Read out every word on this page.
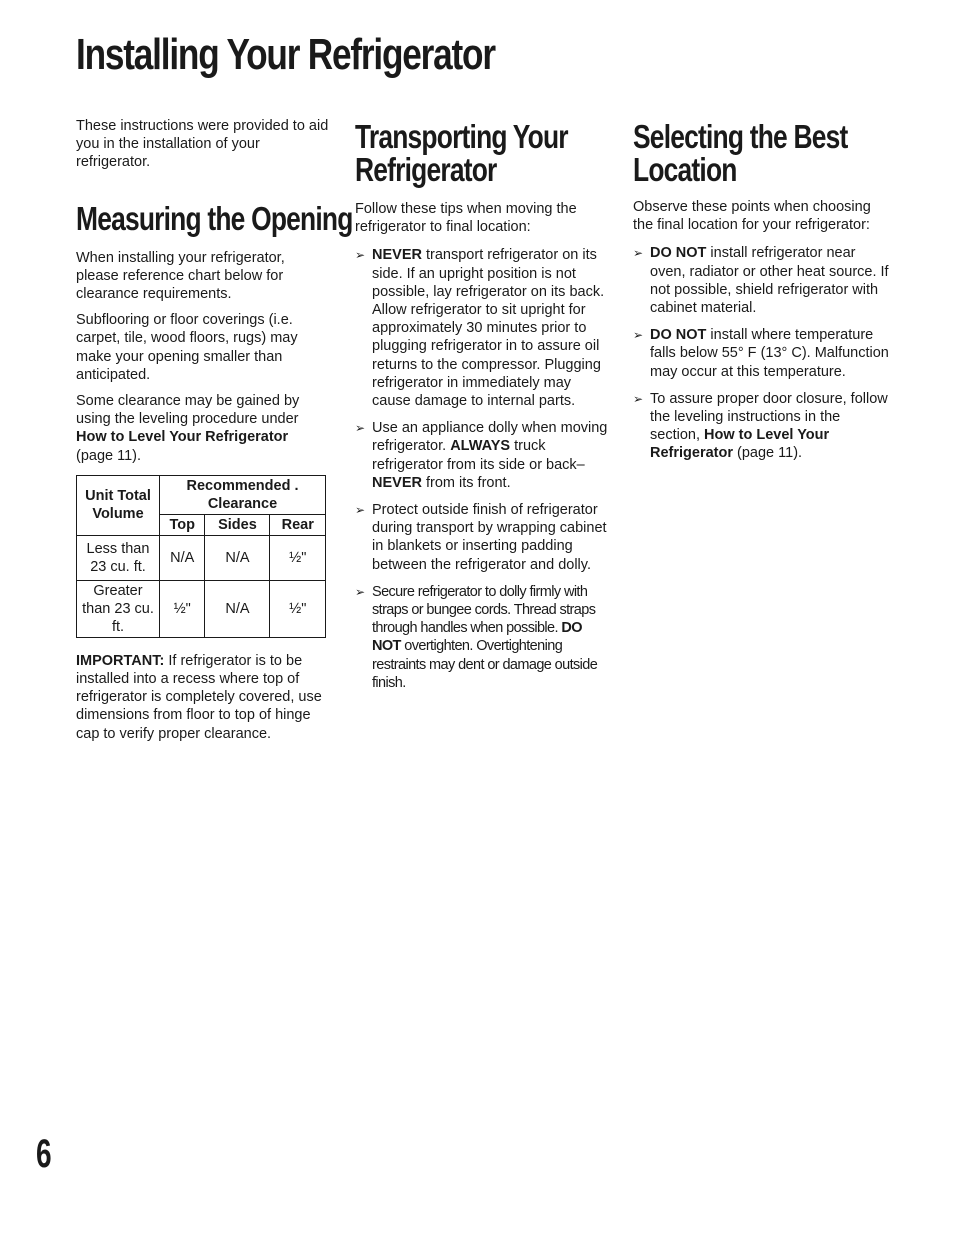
Installing Your Refrigerator

These instructions were provided to aid you in the installation of your refrigerator.

Measuring the Opening

When installing your refrigerator, please reference chart below for clearance requirements.

Subflooring or floor coverings (i.e. carpet, tile, wood floors, rugs) may make your opening smaller than anticipated.

Some clearance may be gained by using the leveling procedure under How to Level Your Refrigerator
(page 11).

Unit Total Volume	Recommended . Clearance		
	Top	Sides	Rear
Less than 23 cu. ft.	N/A	N/A	½"
Greater than 23 cu. ft.	½"	N/A	½"

IMPORTANT: If refrigerator is to be installed into a recess where top of refrigerator is completely covered, use dimensions from floor to top of hinge cap to verify proper clearance.

Transporting Your
Refrigerator

Follow these tips when moving the refrigerator to final location:

➢ NEVER transport refrigerator on its side. If an upright position is not possible, lay refrigerator on its back. Allow refrigerator to sit upright for approximately 30 minutes prior to plugging refrigerator in to assure oil returns to the compressor. Plugging refrigerator in immediately may cause damage to internal parts.
➢ Use an appliance dolly when moving refrigerator. ALWAYS truck refrigerator from its side or back– NEVER from its front.
➢ Protect outside finish of refrigerator during transport by wrapping cabinet in blankets or inserting padding between the refrigerator and dolly.
➢ Secure refrigerator to dolly firmly with straps or bungee cords. Thread straps through handles when possible. DO NOT overtighten. Overtightening restraints may dent or damage outside finish.
Selecting the Best
Location

Observe these points when choosing the final location for your refrigerator:

➢ DO NOT install refrigerator near oven, radiator or other heat source. If not possible, shield refrigerator with cabinet material.
➢ DO NOT install where temperature falls below 55° F (13° C). Malfunction may occur at this temperature.
➢ To assure proper door closure, follow the leveling instructions in the section, How to Level Your Refrigerator (page 11).
6
